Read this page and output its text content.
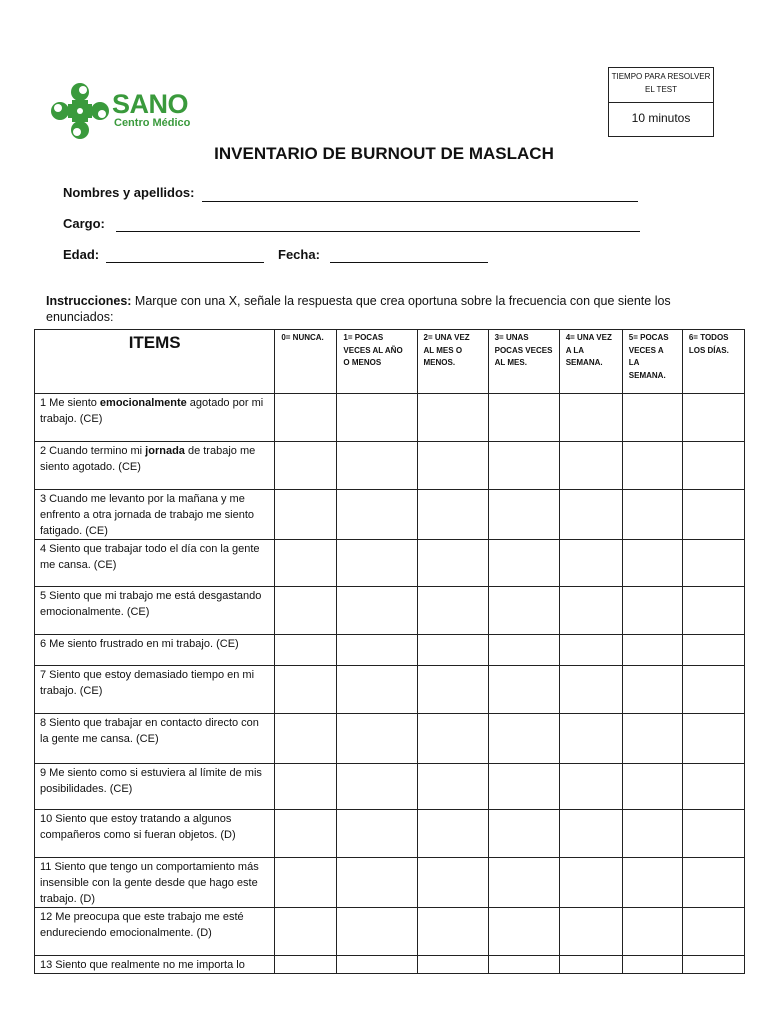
SANO
Centro Médico
TIEMPO PARA RESOLVER EL TEST
10 minutos
INVENTARIO DE BURNOUT DE MASLACH
Nombres y apellidos:
Cargo:
Edad:	Fecha:
Instrucciones: Marque con una X, señale la respuesta que crea oportuna sobre la frecuencia con que siente los enunciados:
ITEMS	0= NUNCA.	1= POCAS VECES AL AÑO O MENOS	2= UNA VEZ AL MES O MENOS.	3= UNAS POCAS VECES AL MES.	4= UNA VEZ A LA SEMANA.	5= POCAS VECES A LA SEMANA.	6= TODOS LOS DÍAS.
1 Me siento emocionalmente agotado por mi trabajo. (CE)							
2 Cuando termino mi jornada de trabajo me siento agotado. (CE)							
3 Cuando me levanto por la mañana y me enfrento a otra jornada de trabajo me siento fatigado. (CE)							
4 Siento que trabajar todo el día con la gente me cansa. (CE)							
5 Siento que mi trabajo me está desgastando emocionalmente. (CE)							
6 Me siento frustrado en mi trabajo. (CE)							
7 Siento que estoy demasiado tiempo en mi trabajo. (CE)							
8 Siento que trabajar en contacto directo con la gente me cansa. (CE)							
9 Me siento como si estuviera al límite de mis posibilidades. (CE)							
10 Siento que estoy tratando a algunos compañeros como si fueran objetos. (D)							
11 Siento que tengo un comportamiento más insensible con la gente desde que hago este trabajo. (D)							
12 Me preocupa que este trabajo me esté endureciendo emocionalmente. (D)							
13 Siento que realmente no me importa lo							
